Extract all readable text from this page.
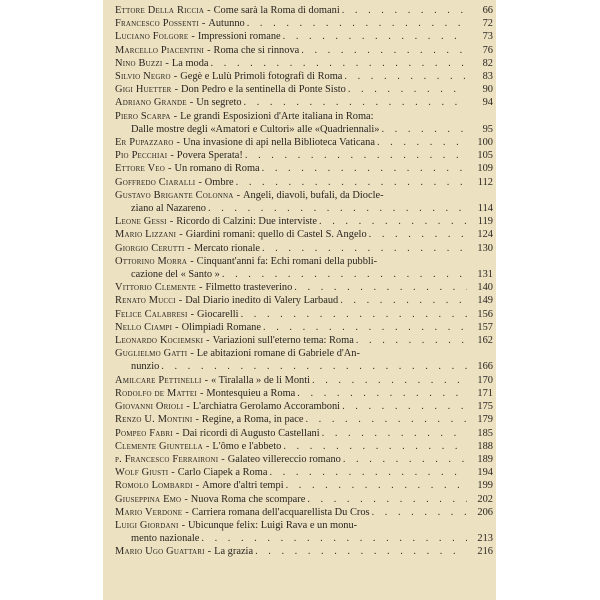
Ettore Della Riccia - Come sarà la Roma di domani . . .	66
Francesco Possenti - Autunno . . .	72
Luciano Folgore - Impressioni romane . . .	73
Marcello Piacentini - Roma che si rinnova . . .	76
Nino Buzzi - La moda . . .	82
Silvio Negro - Gegè e Lulù Primoli fotografi di Roma . . .	83
Gigi Huetter - Don Pedro e la sentinella di Ponte Sisto . . .	90
Adriano Grande - Un segreto . . .	94
Piero Scarpa - Le grandi Esposizioni d'Arte italiana in Roma:
Dalle mostre degli «Amatori e Cultori» alle «Quadriennali» . . .	95
Er Pupazzaro - Una invasione di api nella Biblioteca Vaticana . . .	100
Pio Pecchiai - Povera Sperata! . . .	105
Ettore Veo - Un romano di Roma . . .	109
Goffredo Ciaralli - Ombre . . .	112
Gustavo Brigante Colonna - Angeli, diavoli, bufali, da Diocle-
ziano al Nazareno . . .	114
Leone Gessi - Ricordo di Calzini: Due interviste . . .	119
Mario Lizzani - Giardini romani: quello di Castel S. Angelo . . .	124
Giorgio Cerutti - Mercato rionale . . .	130
Ottorino Morra - Cinquant'anni fa: Echi romani della pubbli-
cazione del « Santo » . . .	131
Vittorio Clemente - Filmetto trasteverino . . .	140
Renato Mucci - Dal Diario inedito di Valery Larbaud . . .	149
Felice Calabresi - Giocarelli . . .	156
Nello Ciampi - Olimpiadi Romane . . .	157
Leonardo Kociemski - Variazioni sull'eterno tema: Roma . . .	162
Guglielmo Gatti - Le abitazioni romane di Gabriele d'An-
nunzio . . .	166
Amilcare Pettinelli - « Tiralalla » de li Monti . . .	170
Rodolfo de Mattei - Montesquieu a Roma . . .	171
Giovanni Orioli - L'archiatra Gerolamo Accoramboni . . .	175
Renzo U. Montini - Regine, a Roma, in pace . . .	179
Pompeo Fabri - Dai ricordi di Augusto Castellani . . .	185
Clemente Giuntella - L'ômo e l'abbeto . . .	188
p. Francesco Ferraironi - Galateo villereccio romano . . .	189
Wolf Giusti - Carlo Ciapek a Roma . . .	194
Romolo Lombardi - Amore d'altri tempi . . .	199
Giuseppina Emo - Nuova Roma che scompare . . .	202
Mario Verdone - Carriera romana dell'acquarellista Du Cros . . .	206
Luigi Giordani - Ubicunque felix: Luigi Rava e un monu-
mento nazionale . . .	213
Mario Ugo Guattari - La grazia . . .	216
